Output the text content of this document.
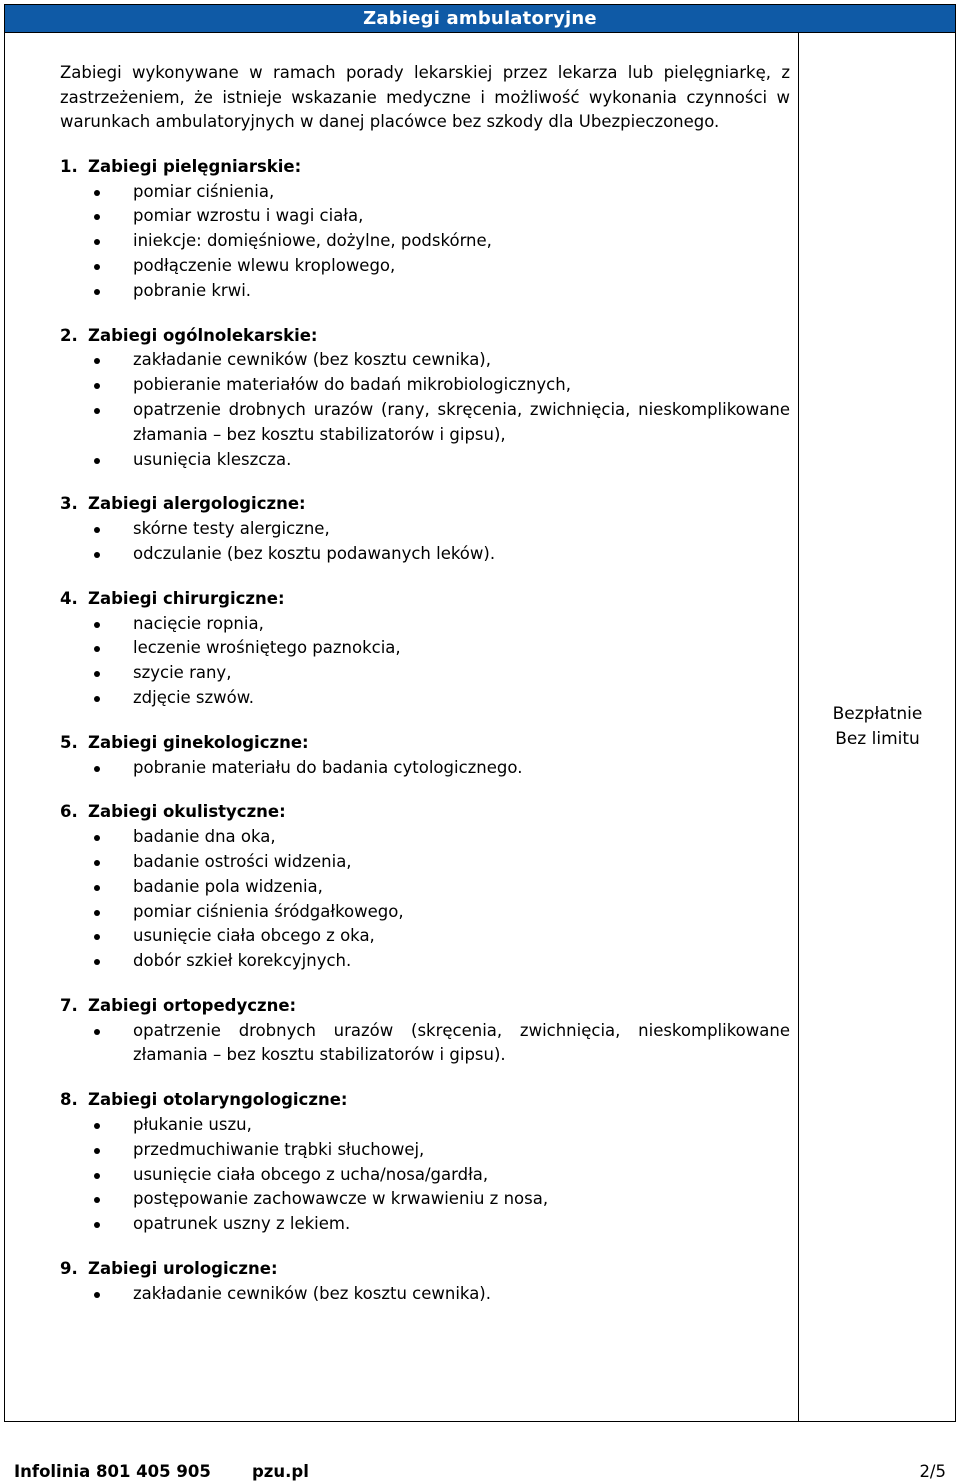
Zabiegi ambulatoryjne

Zabiegi wykonywane w ramach porady lekarskiej przez lekarza lub pielęgniarkę, z zastrzeżeniem, że istnieje wskazanie medyczne i możliwość wykonania czynności w warunkach ambulatoryjnych w danej placówce bez szkody dla Ubezpieczonego.

1. Zabiegi pielęgniarskie:
pomiar ciśnienia,
pomiar wzrostu i wagi ciała,
iniekcje: domięśniowe, dożylne, podskórne,
podłączenie wlewu kroplowego,
pobranie krwi.
2. Zabiegi ogólnolekarskie:
zakładanie cewników (bez kosztu cewnika),
pobieranie materiałów do badań mikrobiologicznych,
opatrzenie drobnych urazów (rany, skręcenia, zwichnięcia, nieskomplikowane złamania – bez kosztu stabilizatorów i gipsu),
usunięcia kleszcza.
3. Zabiegi alergologiczne:
skórne testy alergiczne,
odczulanie (bez kosztu podawanych leków).
4. Zabiegi chirurgiczne:
nacięcie ropnia,
leczenie wrośniętego paznokcia,
szycie rany,
zdjęcie szwów.
5. Zabiegi ginekologiczne:
pobranie materiału do badania cytologicznego.
6. Zabiegi okulistyczne:
badanie dna oka,
badanie ostrości widzenia,
badanie pola widzenia,
pomiar ciśnienia śródgałkowego,
usunięcie ciała obcego z oka,
dobór szkieł korekcyjnych.
7. Zabiegi ortopedyczne:
opatrzenie drobnych urazów (skręcenia, zwichnięcia, nieskomplikowane złamania – bez kosztu stabilizatorów i gipsu).
8. Zabiegi otolaryngologiczne:
płukanie uszu,
przedmuchiwanie trąbki słuchowej,
usunięcie ciała obcego z ucha/nosa/gardła,
postępowanie zachowawcze w krwawieniu z nosa,
opatrunek uszny z lekiem.
9. Zabiegi urologiczne:
zakładanie cewników (bez kosztu cewnika).
Bezpłatnie
Bez limitu
Infolinia 801 405 905 pzu.pl	2/5
